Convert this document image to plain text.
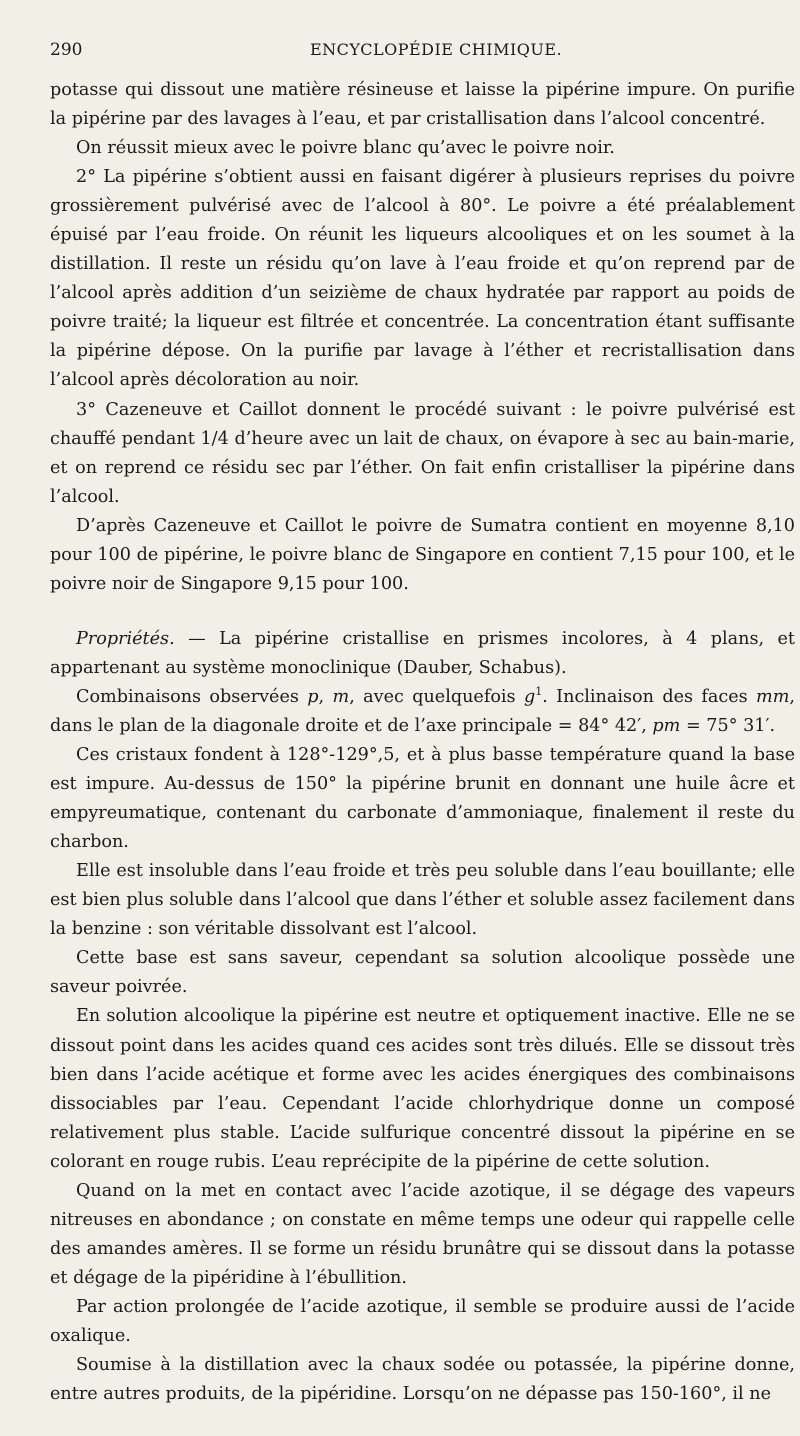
290	ENCYCLOPÉDIE CHIMIQUE.

potasse qui dissout une matière résineuse et laisse la pipérine impure. On purifie la pipérine par des lavages à l’eau, et par cristallisation dans l’alcool concentré.

On réussit mieux avec le poivre blanc qu’avec le poivre noir.

2° La pipérine s’obtient aussi en faisant digérer à plusieurs reprises du poivre grossièrement pulvérisé avec de l’alcool à 80°. Le poivre a été préalablement épuisé par l’eau froide. On réunit les liqueurs alcooliques et on les soumet à la distillation. Il reste un résidu qu’on lave à l’eau froide et qu’on reprend par de l’alcool après addition d’un seizième de chaux hydratée par rapport au poids de poivre traité; la liqueur est filtrée et concentrée. La concentration étant suffisante la pipérine dépose. On la purifie par lavage à l’éther et recristallisation dans l’alcool après décoloration au noir.

3° Cazeneuve et Caillot donnent le procédé suivant : le poivre pulvérisé est chauffé pendant 1/4 d’heure avec un lait de chaux, on évapore à sec au bain-marie, et on reprend ce résidu sec par l’éther. On fait enfin cristalliser la pipérine dans l’alcool.

D’après Cazeneuve et Caillot le poivre de Sumatra contient en moyenne 8,10 pour 100 de pipérine, le poivre blanc de Singapore en contient 7,15 pour 100, et le poivre noir de Singapore 9,15 pour 100.

Propriétés. — La pipérine cristallise en prismes incolores, à 4 plans, et appartenant au système monoclinique (Dauber, Schabus).

Combinaisons observées p, m, avec quelquefois $g^1$. Inclinaison des faces mm, dans le plan de la diagonale droite et de l’axe principale = 84° 42′, pm = 75° 31′.

Ces cristaux fondent à 128°-129°,5, et à plus basse température quand la base est impure. Au-dessus de 150° la pipérine brunit en donnant une huile âcre et empyreumatique, contenant du carbonate d’ammoniaque, finalement il reste du charbon.

Elle est insoluble dans l’eau froide et très peu soluble dans l’eau bouillante; elle est bien plus soluble dans l’alcool que dans l’éther et soluble assez facilement dans la benzine : son véritable dissolvant est l’alcool.

Cette base est sans saveur, cependant sa solution alcoolique possède une saveur poivrée.

En solution alcoolique la pipérine est neutre et optiquement inactive. Elle ne se dissout point dans les acides quand ces acides sont très dilués. Elle se dissout très bien dans l’acide acétique et forme avec les acides énergiques des combinaisons dissociables par l’eau. Cependant l’acide chlorhydrique donne un composé relativement plus stable. L’acide sulfurique concentré dissout la pipérine en se colorant en rouge rubis. L’eau reprécipite de la pipérine de cette solution.

Quand on la met en contact avec l’acide azotique, il se dégage des vapeurs nitreuses en abondance ; on constate en même temps une odeur qui rappelle celle des amandes amères. Il se forme un résidu brunâtre qui se dissout dans la potasse et dégage de la pipéridine à l’ébullition.

Par action prolongée de l’acide azotique, il semble se produire aussi de l’acide oxalique.

Soumise à la distillation avec la chaux sodée ou potassée, la pipérine donne, entre autres produits, de la pipéridine. Lorsqu’on ne dépasse pas 150-160°, il ne
